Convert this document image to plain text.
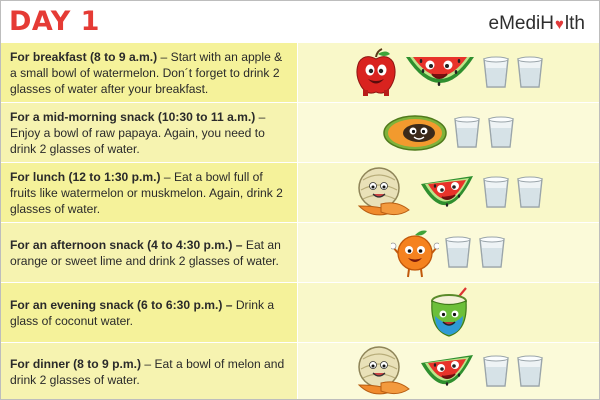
DAY 1	eMediH♥lth
For breakfast (8 to 9 a.m.) – Start with an apple & a small bowl of watermelon. Don´t forget to drink 2 glasses of water after your breakfast.
For a mid-morning snack (10:30 to 11 a.m.) – Enjoy a bowl of raw papaya. Again, you need to drink 2 glasses of water.
For lunch (12 to 1:30 p.m.) – Eat a bowl full of fruits like watermelon or muskmelon. Again, drink 2 glasses of water.
For an afternoon snack (4 to 4:30 p.m.) – Eat an orange or sweet lime and drink 2 glasses of water.
For an evening snack (6 to 6:30 p.m.) – Drink a glass of coconut water.
For dinner (8 to 9 p.m.) – Eat a bowl of melon and drink 2 glasses of water.
